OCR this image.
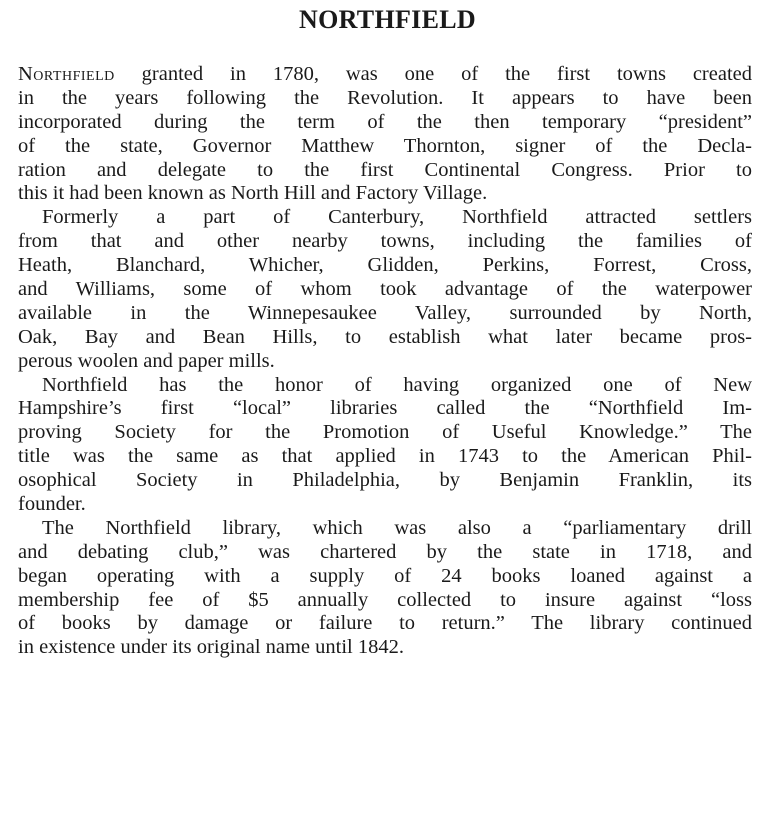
NORTHFIELD
Northfield granted in 1780, was one of the first towns created
in the years following the Revolution. It appears to have been
incorporated during the term of the then temporary “president”
of the state, Governor Matthew Thornton, signer of the Decla-
ration and delegate to the first Continental Congress. Prior to
this it had been known as North Hill and Factory Village.
Formerly a part of Canterbury, Northfield attracted settlers
from that and other nearby towns, including the families of
Heath, Blanchard, Whicher, Glidden, Perkins, Forrest, Cross,
and Williams, some of whom took advantage of the waterpower
available in the Winnepesaukee Valley, surrounded by North,
Oak, Bay and Bean Hills, to establish what later became pros-
perous woolen and paper mills.
Northfield has the honor of having organized one of New
Hampshire’s first “local” libraries called the “Northfield Im-
proving Society for the Promotion of Useful Knowledge.” The
title was the same as that applied in 1743 to the American Phil-
osophical Society in Philadelphia, by Benjamin Franklin, its
founder.
The Northfield library, which was also a “parliamentary drill
and debating club,” was chartered by the state in 1718, and
began operating with a supply of 24 books loaned against a
membership fee of $5 annually collected to insure against “loss
of books by damage or failure to return.” The library continued
in existence under its original name until 1842.
